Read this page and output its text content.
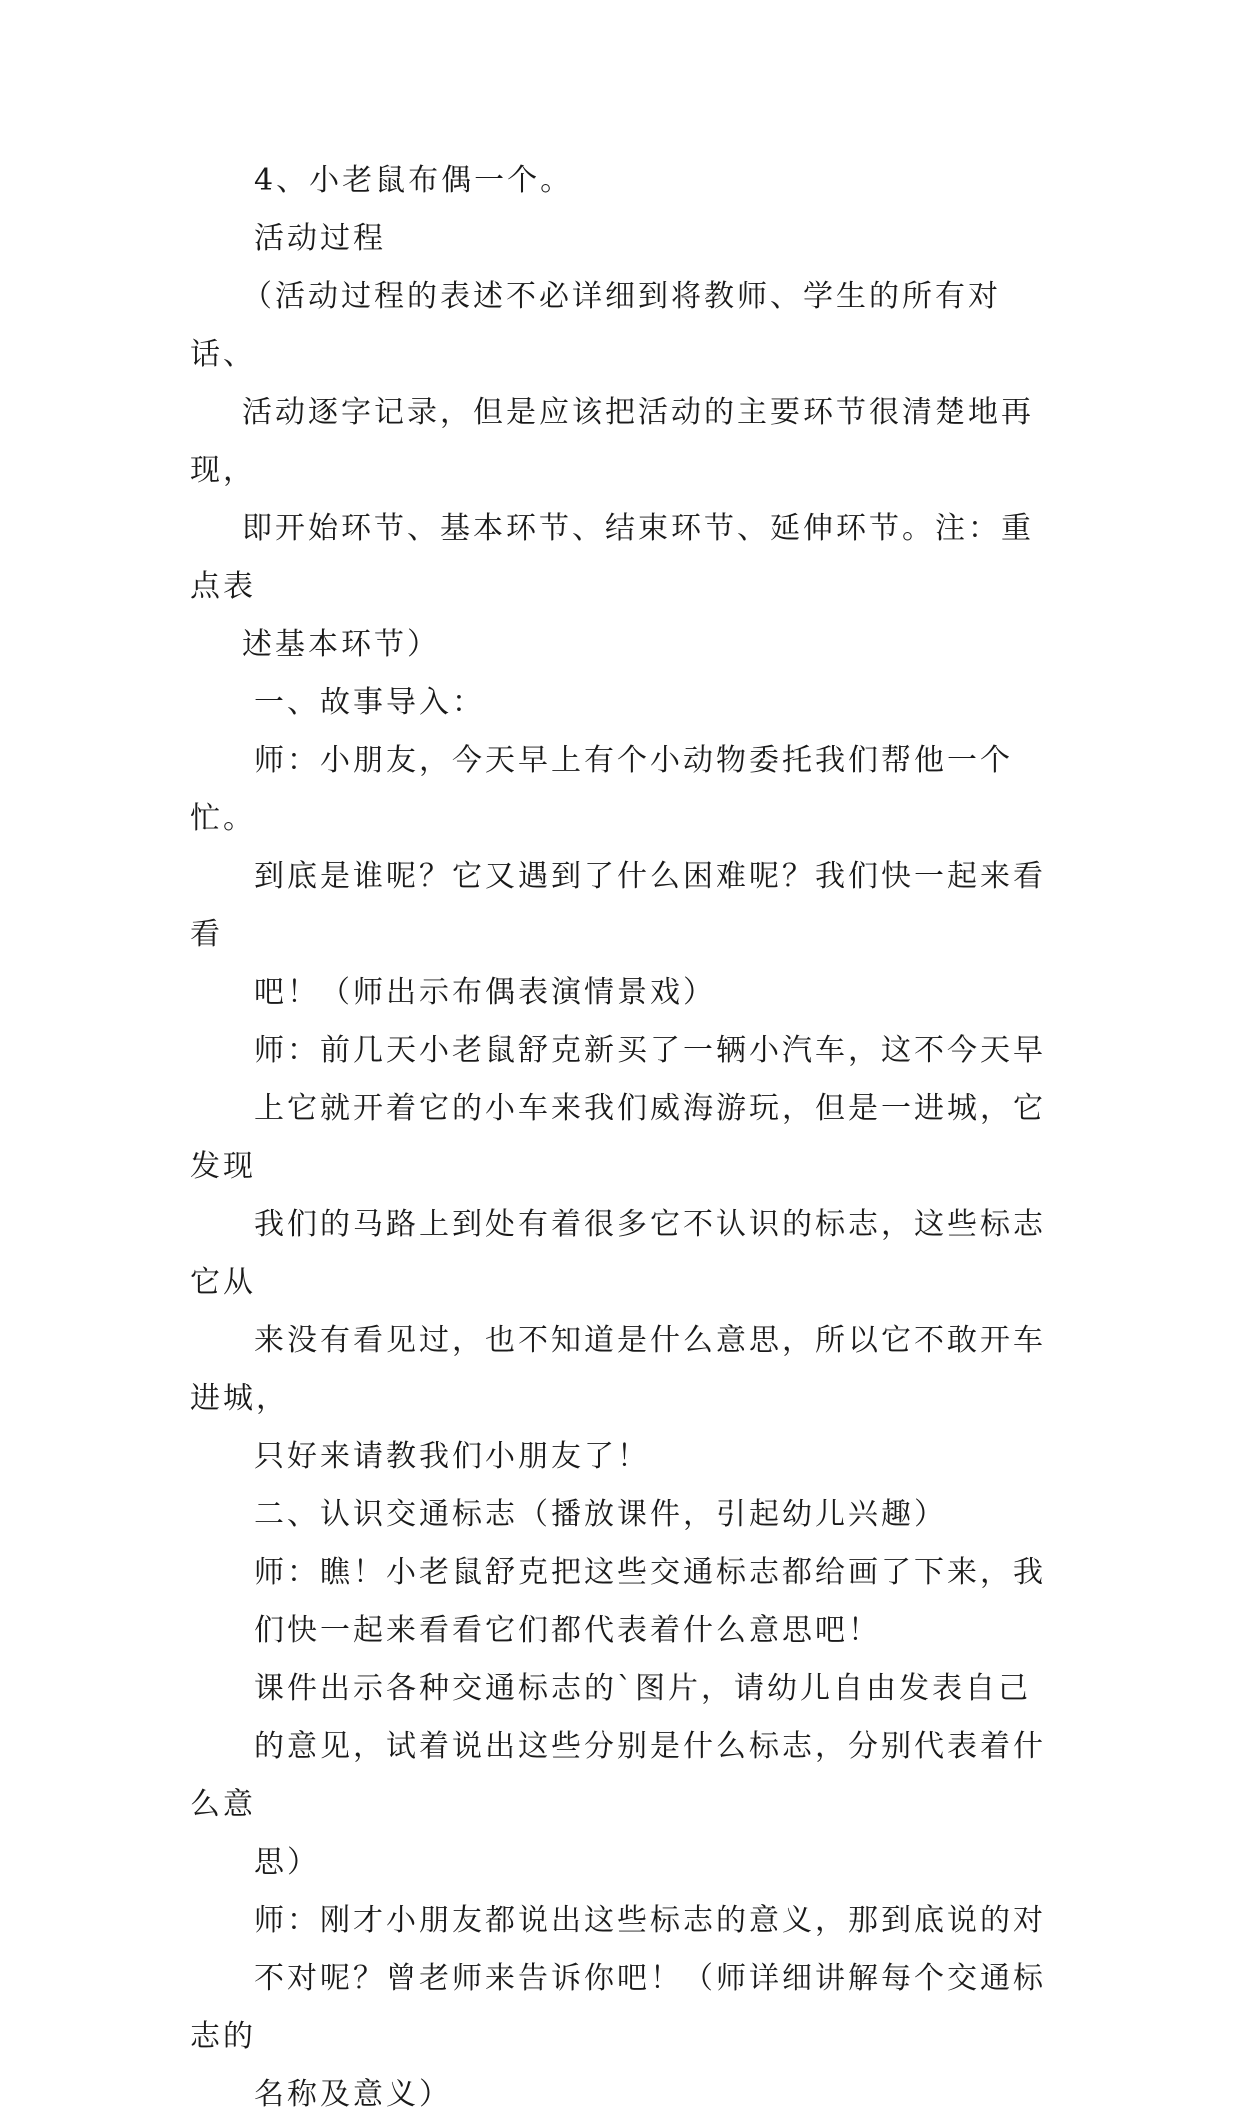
4、小老鼠布偶一个。

活动过程

（活动过程的表述不必详细到将教师、学生的所有对话、
活动逐字记录，但是应该把活动的主要环节很清楚地再现，
即开始环节、基本环节、结束环节、延伸环节。注：重点表
述基本环节）

一、故事导入：

师：小朋友，今天早上有个小动物委托我们帮他一个忙。
到底是谁呢？它又遇到了什么困难呢？我们快一起来看看
吧！（师出示布偶表演情景戏）

师：前几天小老鼠舒克新买了一辆小汽车，这不今天早
上它就开着它的小车来我们威海游玩，但是一进城，它发现
我们的马路上到处有着很多它不认识的标志，这些标志它从
来没有看见过，也不知道是什么意思，所以它不敢开车进城，
只好来请教我们小朋友了！

二、认识交通标志（播放课件，引起幼儿兴趣）

师：瞧！小老鼠舒克把这些交通标志都给画了下来，我
们快一起来看看它们都代表着什么意思吧！

课件出示各种交通标志的`图片，请幼儿自由发表自己
的意见，试着说出这些分别是什么标志，分别代表着什么意
思）

师：刚才小朋友都说出这些标志的意义，那到底说的对
不对呢？曾老师来告诉你吧！（师详细讲解每个交通标志的
名称及意义）
